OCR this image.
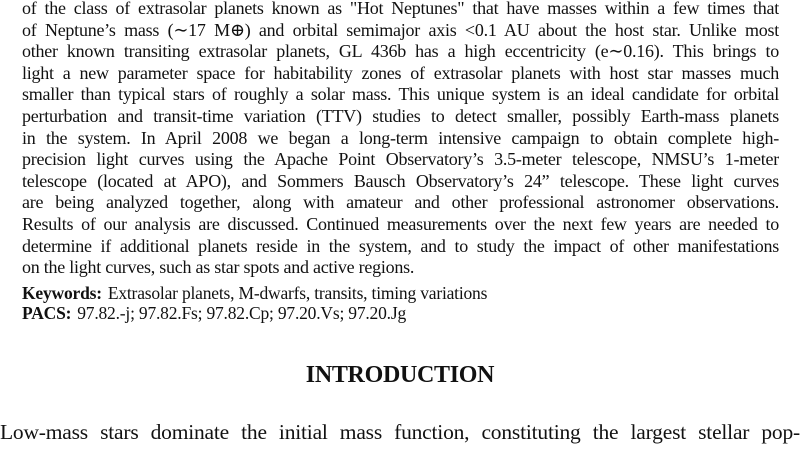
of the class of extrasolar planets known as "Hot Neptunes" that have masses within a few times that
of Neptune’s mass (∼17 M⊕) and orbital semimajor axis <0.1 AU about the host star. Unlike most
other known transiting extrasolar planets, GL 436b has a high eccentricity (e∼0.16). This brings to
light a new parameter space for habitability zones of extrasolar planets with host star masses much
smaller than typical stars of roughly a solar mass. This unique system is an ideal candidate for orbital
perturbation and transit-time variation (TTV) studies to detect smaller, possibly Earth-mass planets
in the system. In April 2008 we began a long-term intensive campaign to obtain complete high-
precision light curves using the Apache Point Observatory’s 3.5-meter telescope, NMSU’s 1-meter
telescope (located at APO), and Sommers Bausch Observatory’s 24” telescope. These light curves
are being analyzed together, along with amateur and other professional astronomer observations.
Results of our analysis are discussed. Continued measurements over the next few years are needed to
determine if additional planets reside in the system, and to study the impact of other manifestations
on the light curves, such as star spots and active regions.
Keywords: Extrasolar planets, M-dwarfs, transits, timing variations
PACS: 97.82.-j; 97.82.Fs; 97.82.Cp; 97.20.Vs; 97.20.Jg
INTRODUCTION
Low-mass stars dominate the initial mass function, constituting the largest stellar pop-
